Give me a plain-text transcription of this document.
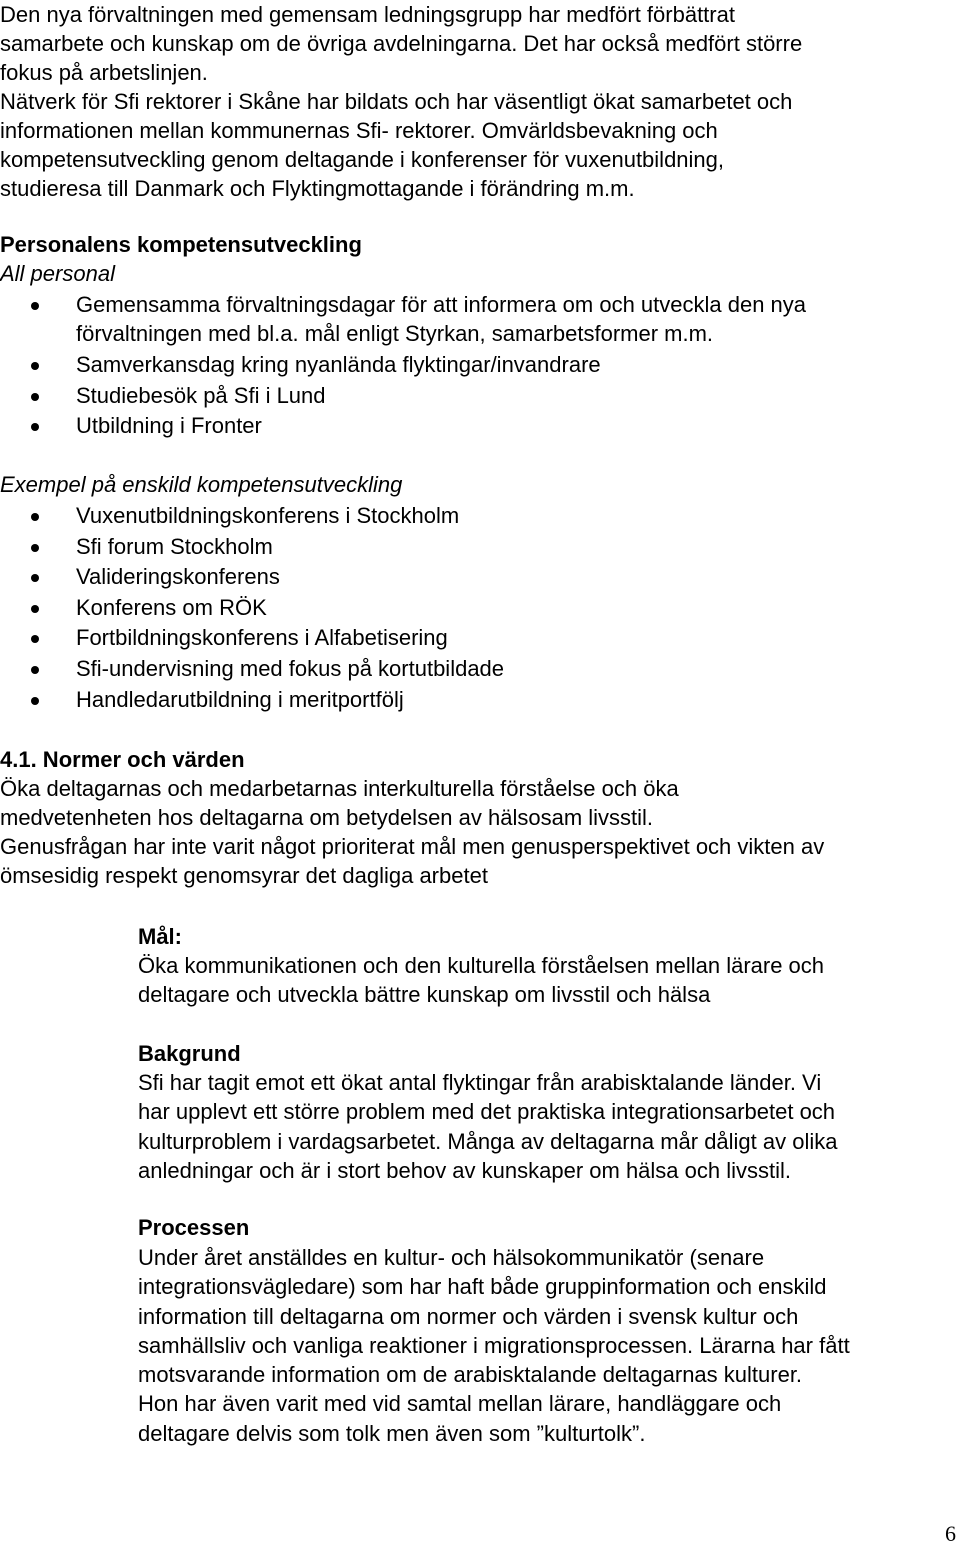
Den nya förvaltningen med gemensam ledningsgrupp har medfört förbättrat
samarbete och kunskap om de övriga avdelningarna. Det har också medfört större
fokus på arbetslinjen.
Nätverk för Sfi rektorer i Skåne har bildats och har väsentligt ökat samarbetet och
informationen mellan kommunernas Sfi- rektorer. Omvärldsbevakning och
kompetensutveckling genom deltagande i konferenser för vuxenutbildning,
studieresa till Danmark och Flyktingmottagande i förändring m.m.
Personalens kompetensutveckling
All personal
Gemensamma förvaltningsdagar för att informera om och utveckla den nya
förvaltningen med bl.a. mål enligt Styrkan, samarbetsformer m.m.
Samverkansdag kring nyanlända flyktingar/invandrare
Studiebesök på Sfi i Lund
Utbildning i Fronter
Exempel på enskild kompetensutveckling
Vuxenutbildningskonferens i Stockholm
Sfi forum Stockholm
Valideringskonferens
Konferens om RÖK
Fortbildningskonferens i Alfabetisering
Sfi-undervisning med fokus på kortutbildade
Handledarutbildning i meritportfölj
4.1. Normer och värden
Öka deltagarnas och medarbetarnas interkulturella förståelse och öka
medvetenheten hos deltagarna om betydelsen av hälsosam livsstil.
Genusfrågan har inte varit något prioriterat mål men genusperspektivet och vikten av
ömsesidig respekt genomsyrar det dagliga arbetet
Mål:
Öka kommunikationen och den kulturella förståelsen mellan lärare och
deltagare och utveckla bättre kunskap om livsstil och hälsa
Bakgrund
Sfi har tagit emot ett ökat antal flyktingar från arabisktalande länder. Vi
har upplevt ett större problem med det praktiska integrationsarbetet och
kulturproblem i vardagsarbetet. Många av deltagarna mår dåligt av olika
anledningar och är i stort behov av kunskaper om hälsa och livsstil.
Processen
Under året anställdes en kultur- och hälsokommunikatör (senare
integrationsvägledare) som har haft både gruppinformation och enskild
information till deltagarna om normer och värden i svensk kultur och
samhällsliv och vanliga reaktioner i migrationsprocessen. Lärarna har fått
motsvarande information om de arabisktalande deltagarnas kulturer.
Hon har även varit med vid samtal mellan lärare, handläggare och
deltagare delvis som tolk men även som ”kulturtolk”.
6
